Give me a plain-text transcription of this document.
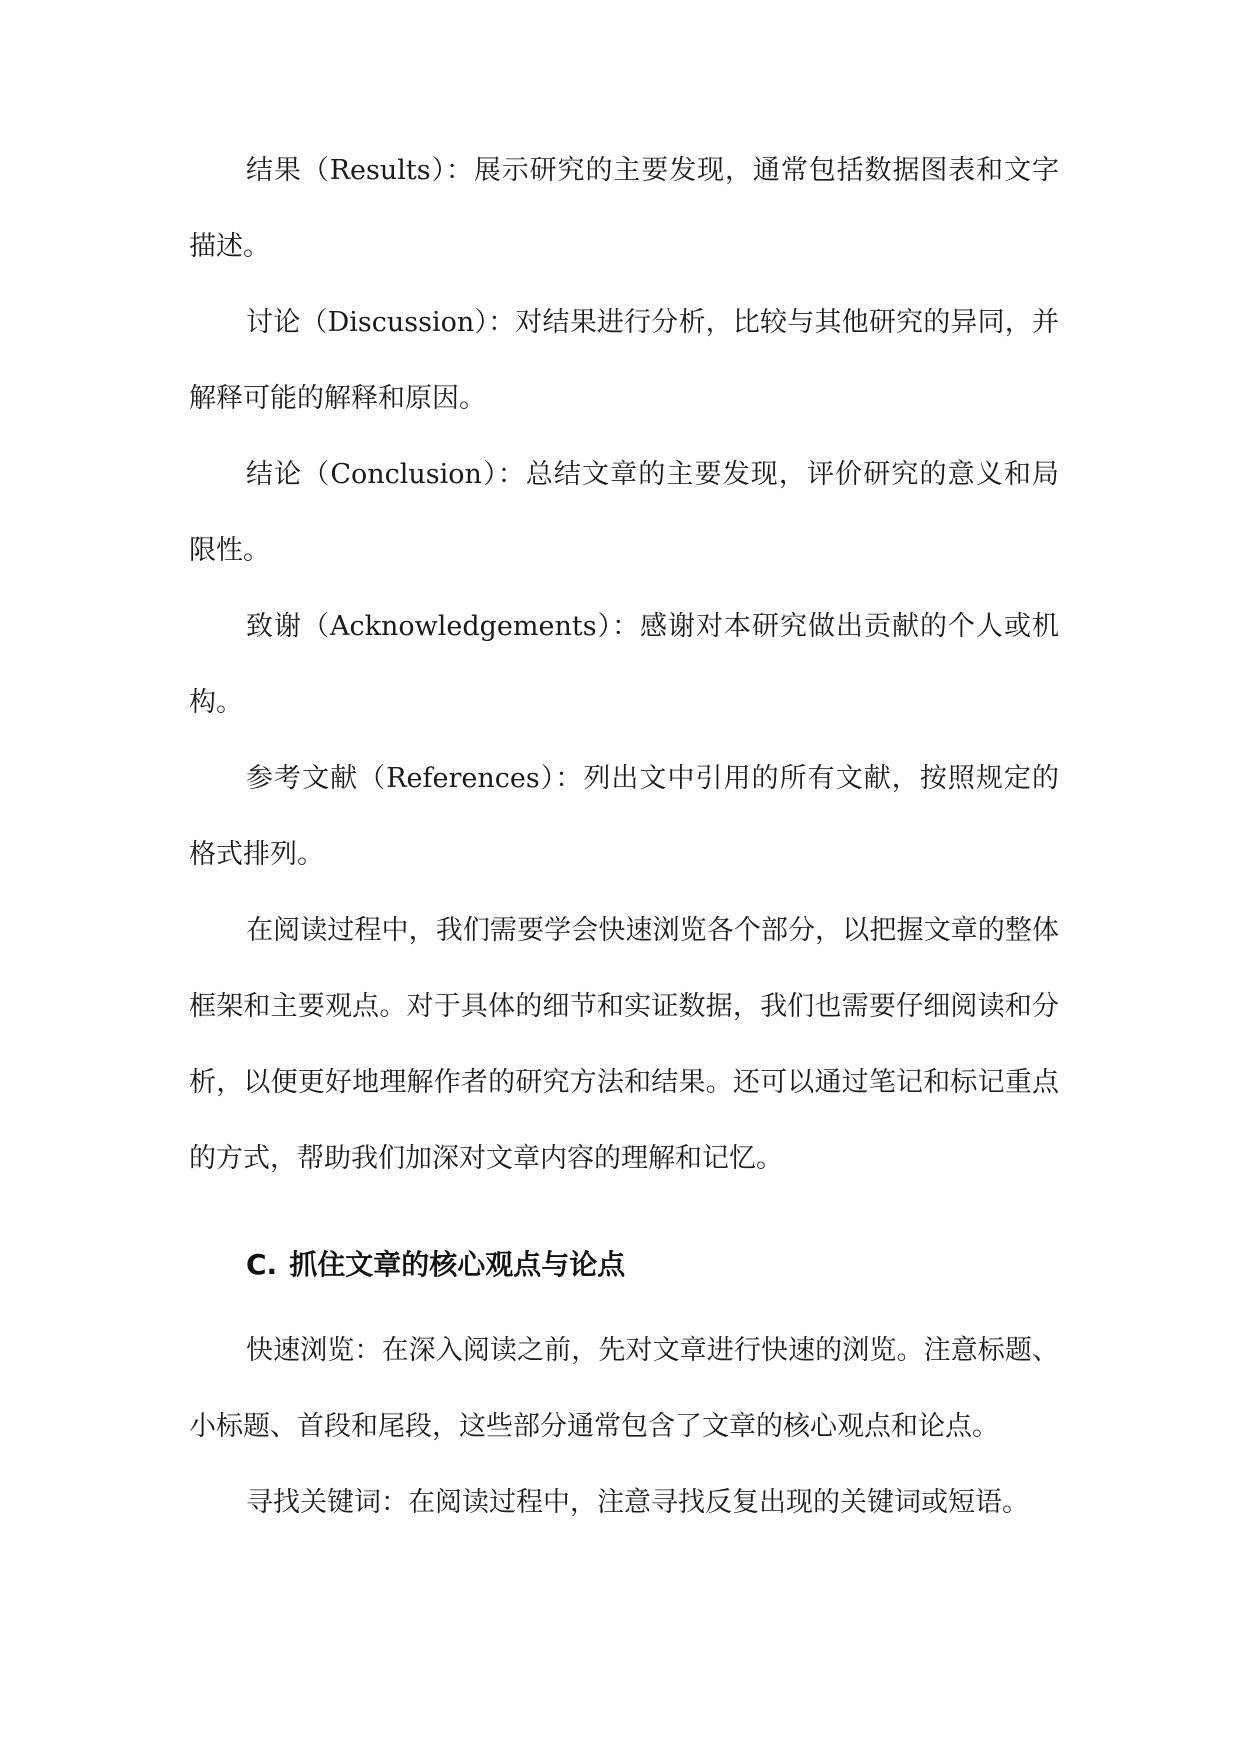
结果（Results）：展示研究的主要发现，通常包括数据图表和文字描述。

讨论（Discussion）：对结果进行分析，比较与其他研究的异同，并解释可能的解释和原因。

结论（Conclusion）：总结文章的主要发现，评价研究的意义和局限性。

致谢（Acknowledgements）：感谢对本研究做出贡献的个人或机构。

参考文献（References）：列出文中引用的所有文献，按照规定的格式排列。

在阅读过程中，我们需要学会快速浏览各个部分，以把握文章的整体框架和主要观点。对于具体的细节和实证数据，我们也需要仔细阅读和分析，以便更好地理解作者的研究方法和结果。还可以通过笔记和标记重点的方式，帮助我们加深对文章内容的理解和记忆。

C. 抓住文章的核心观点与论点

快速浏览：在深入阅读之前，先对文章进行快速的浏览。注意标题、小标题、首段和尾段，这些部分通常包含了文章的核心观点和论点。

寻找关键词：在阅读过程中，注意寻找反复出现的关键词或短语。
